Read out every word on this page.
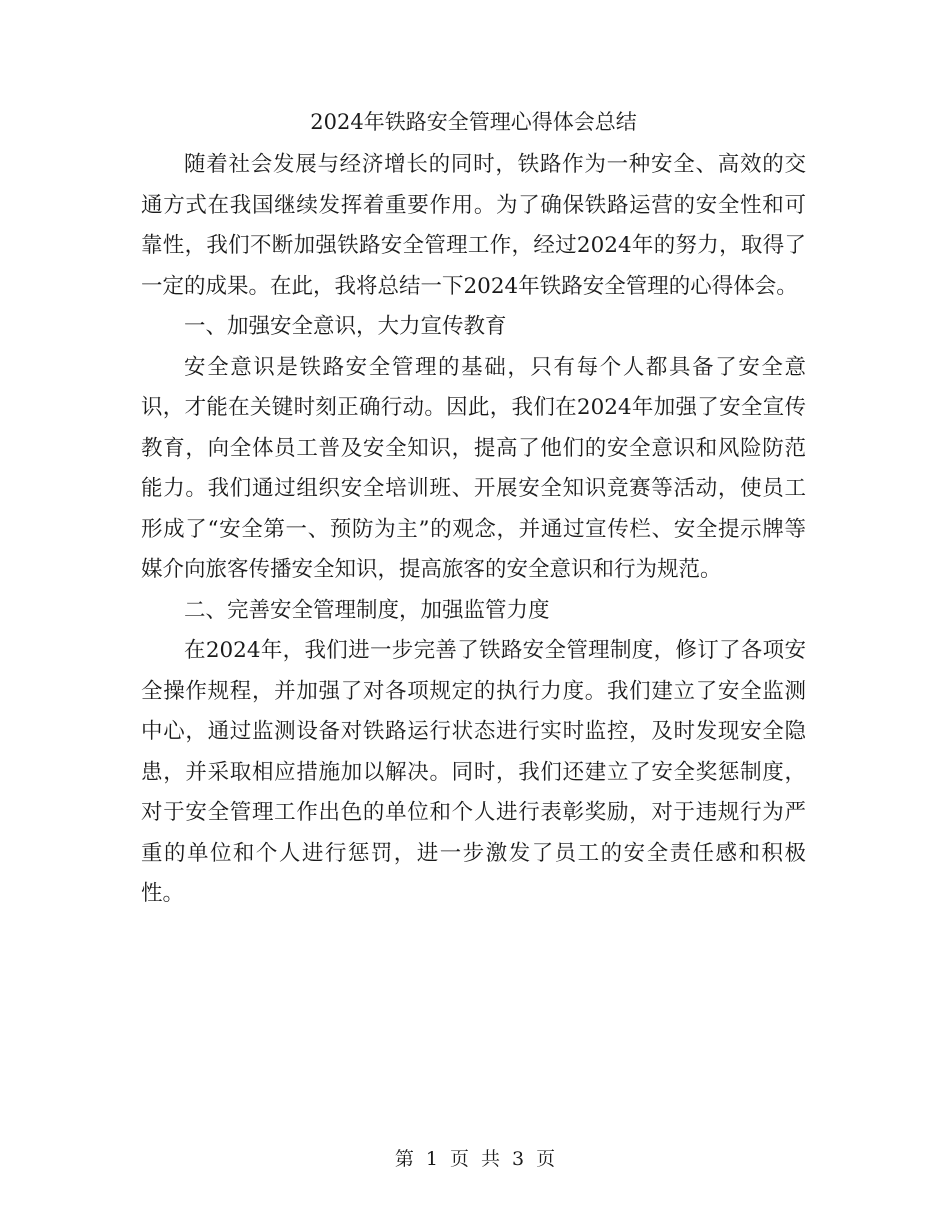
2024年铁路安全管理心得体会总结

随着社会发展与经济增长的同时，铁路作为一种安全、高效的交通方式在我国继续发挥着重要作用。为了确保铁路运营的安全性和可靠性，我们不断加强铁路安全管理工作，经过2024年的努力，取得了一定的成果。在此，我将总结一下2024年铁路安全管理的心得体会。

一、加强安全意识，大力宣传教育

安全意识是铁路安全管理的基础，只有每个人都具备了安全意识，才能在关键时刻正确行动。因此，我们在2024年加强了安全宣传教育，向全体员工普及安全知识，提高了他们的安全意识和风险防范能力。我们通过组织安全培训班、开展安全知识竞赛等活动，使员工形成了“安全第一、预防为主”的观念，并通过宣传栏、安全提示牌等媒介向旅客传播安全知识，提高旅客的安全意识和行为规范。

二、完善安全管理制度，加强监管力度

在2024年，我们进一步完善了铁路安全管理制度，修订了各项安全操作规程，并加强了对各项规定的执行力度。我们建立了安全监测中心，通过监测设备对铁路运行状态进行实时监控，及时发现安全隐患，并采取相应措施加以解决。同时，我们还建立了安全奖惩制度，对于安全管理工作出色的单位和个人进行表彰奖励，对于违规行为严重的单位和个人进行惩罚，进一步激发了员工的安全责任感和积极性。

第 1 页 共 3 页
